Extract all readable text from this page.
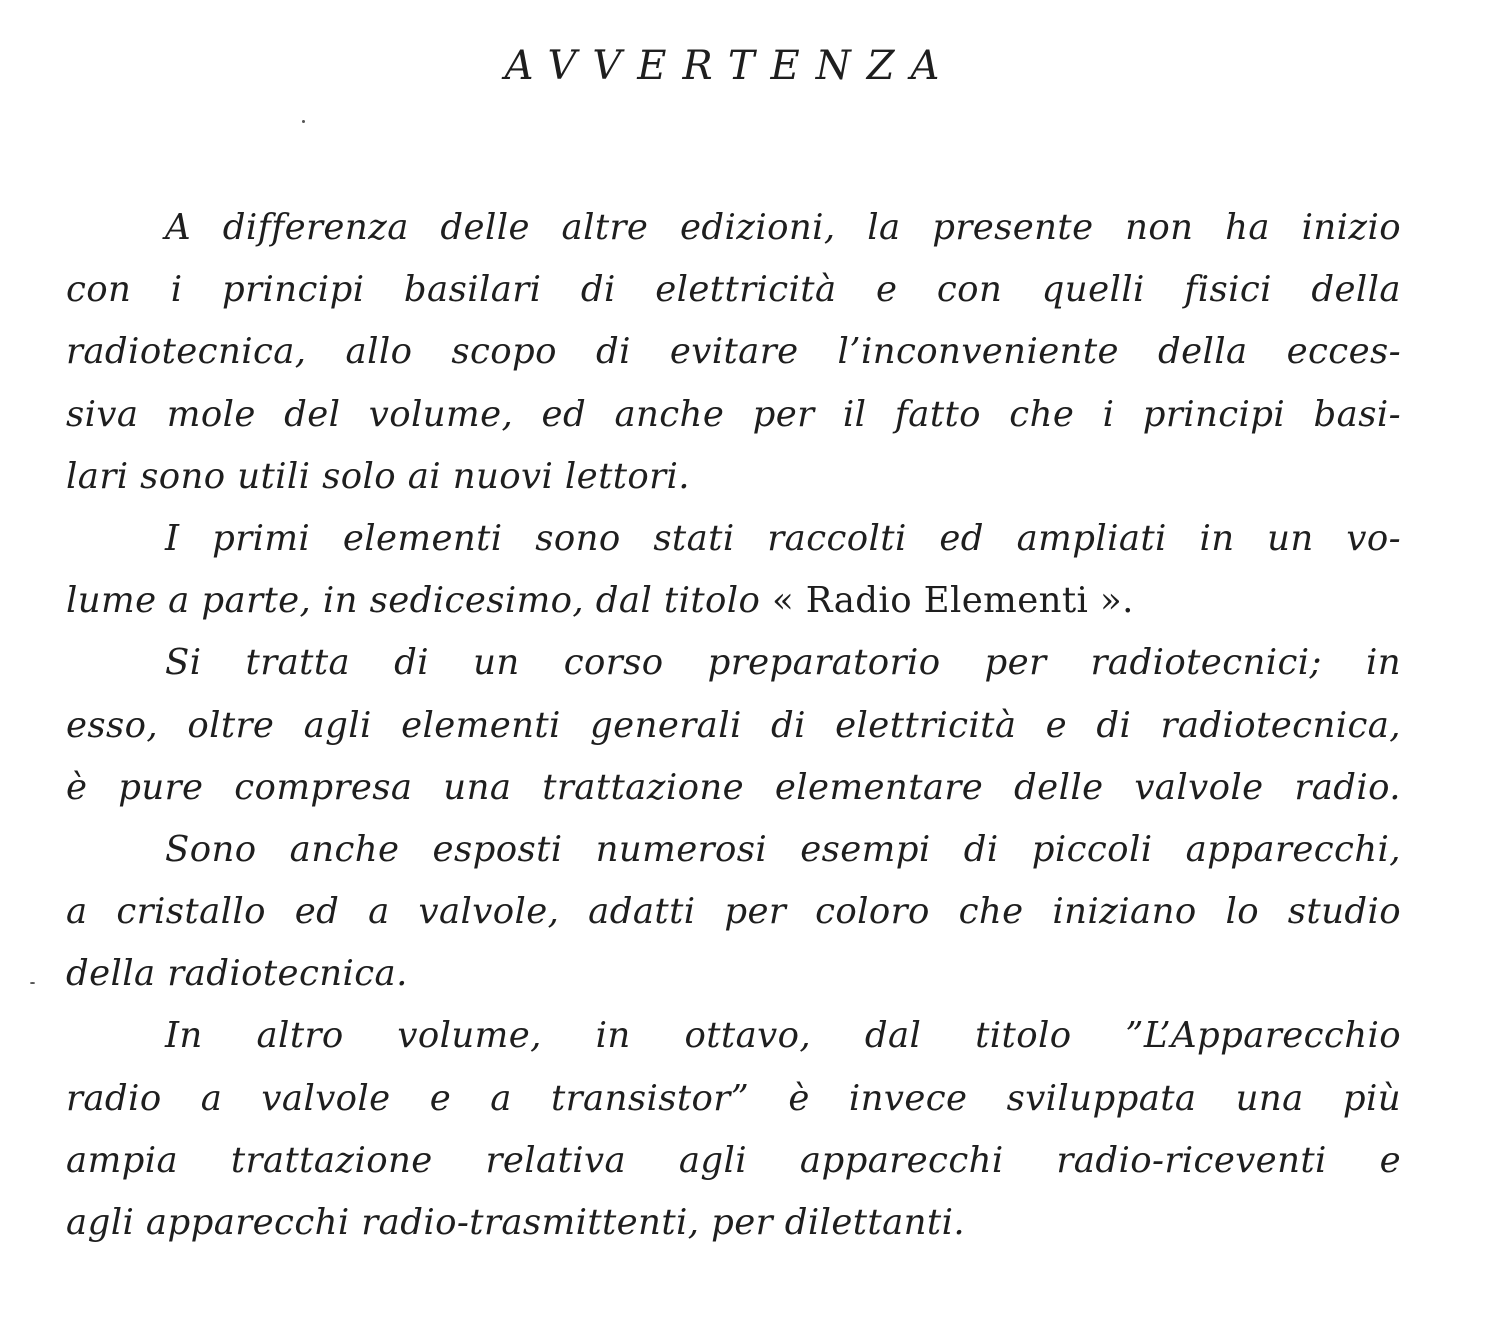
AVVERTENZA
A differenza delle altre edizioni, la presente non ha inizio
con i principi basilari di elettricità e con quelli fisici della
radiotecnica, allo scopo di evitare l’inconveniente della ecces-
siva mole del volume, ed anche per il fatto che i principi basi-
lari sono utili solo ai nuovi lettori.
I primi elementi sono stati raccolti ed ampliati in un vo-
lume a parte, in sedicesimo, dal titolo « Radio Elementi ».
Si tratta di un corso preparatorio per radiotecnici; in
esso, oltre agli elementi generali di elettricità e di radiotecnica,
è pure compresa una trattazione elementare delle valvole radio.
Sono anche esposti numerosi esempi di piccoli apparecchi,
a cristallo ed a valvole, adatti per coloro che iniziano lo studio
della radiotecnica.
In altro volume, in ottavo, dal titolo ”L’Apparecchio
radio a valvole e a transistor” è invece sviluppata una più
ampia trattazione relativa agli apparecchi radio-riceventi e
agli apparecchi radio-trasmittenti, per dilettanti.
